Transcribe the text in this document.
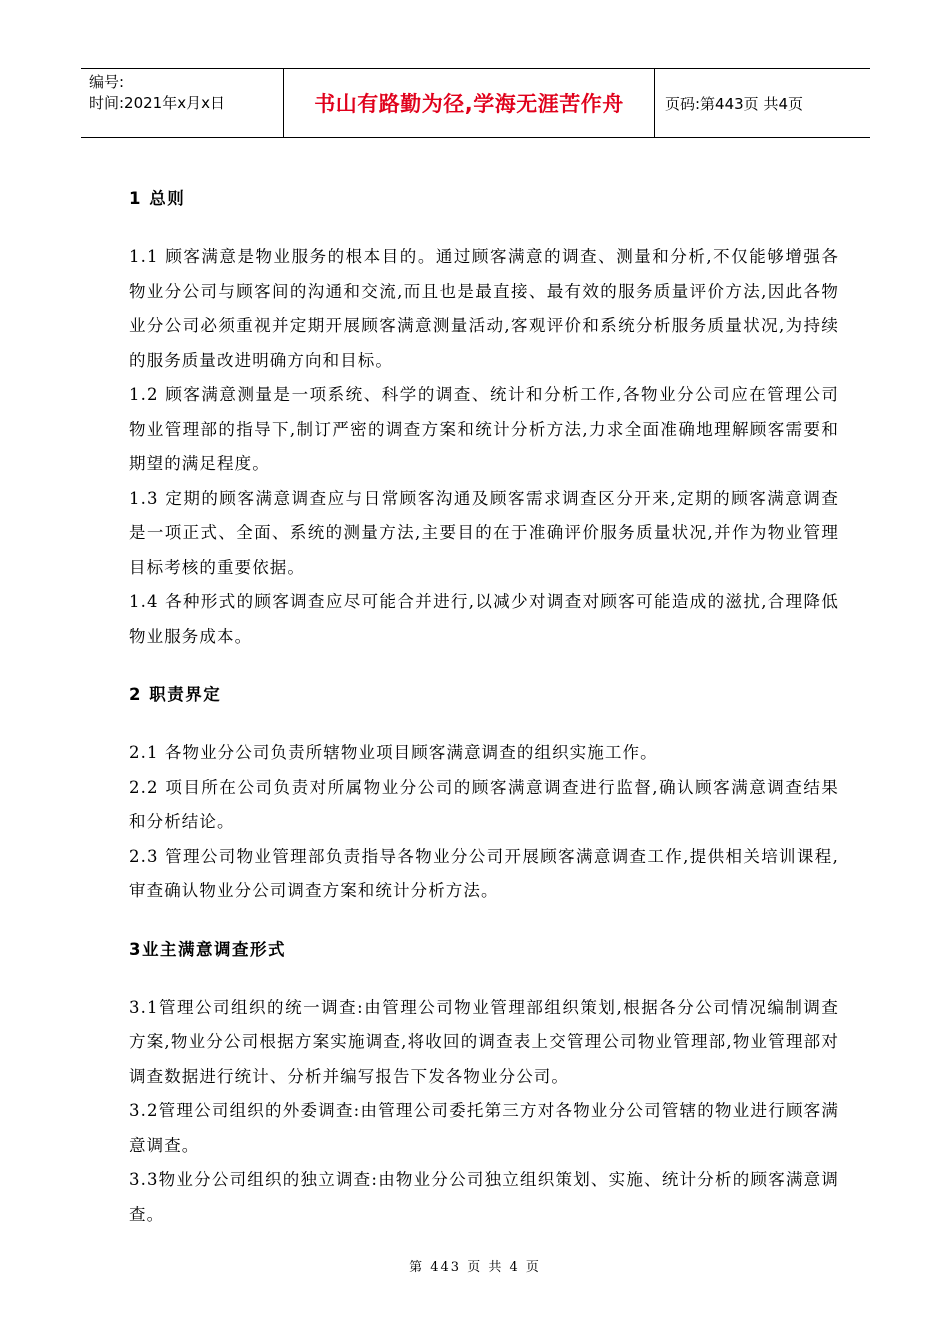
编号:
时间:2021年x月x日	书山有路勤为径,学海无涯苦作舟	页码:第443页 共4页
1 总则

1.1 顾客满意是物业服务的根本目的。通过顾客满意的调查、测量和分析,不仅能够增强各物业分公司与顾客间的沟通和交流,而且也是最直接、最有效的服务质量评价方法,因此各物业分公司必须重视并定期开展顾客满意测量活动,客观评价和系统分析服务质量状况,为持续的服务质量改进明确方向和目标。

1.2 顾客满意测量是一项系统、科学的调查、统计和分析工作,各物业分公司应在管理公司物业管理部的指导下,制订严密的调查方案和统计分析方法,力求全面准确地理解顾客需要和期望的满足程度。

1.3 定期的顾客满意调查应与日常顾客沟通及顾客需求调查区分开来,定期的顾客满意调查是一项正式、全面、系统的测量方法,主要目的在于准确评价服务质量状况,并作为物业管理目标考核的重要依据。

1.4 各种形式的顾客调查应尽可能合并进行,以减少对调查对顾客可能造成的滋扰,合理降低物业服务成本。

2 职责界定

2.1 各物业分公司负责所辖物业项目顾客满意调查的组织实施工作。

2.2 项目所在公司负责对所属物业分公司的顾客满意调查进行监督,确认顾客满意调查结果和分析结论。

2.3 管理公司物业管理部负责指导各物业分公司开展顾客满意调查工作,提供相关培训课程,审查确认物业分公司调查方案和统计分析方法。

3业主满意调查形式

3.1管理公司组织的统一调查:由管理公司物业管理部组织策划,根据各分公司情况编制调查方案,物业分公司根据方案实施调查,将收回的调查表上交管理公司物业管理部,物业管理部对调查数据进行统计、分析并编写报告下发各物业分公司。

3.2管理公司组织的外委调查:由管理公司委托第三方对各物业分公司管辖的物业进行顾客满意调查。

3.3物业分公司组织的独立调查:由物业分公司独立组织策划、实施、统计分析的顾客满意调查。

第 443 页 共 4 页
